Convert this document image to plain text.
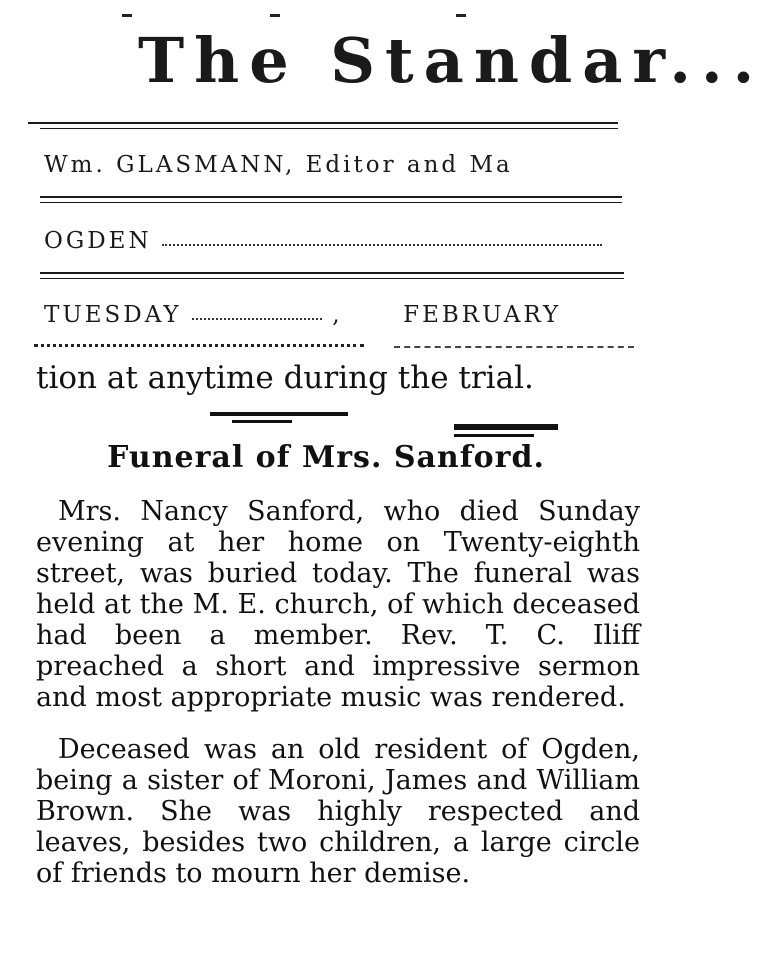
The Standar...
Wm. GLASMANN, Editor and Ma
OGDEN
TUESDAY	,	FEBRUARY
tion at anytime during the trial.
Funeral of Mrs. Sanford.
Mrs. Nancy Sanford, who died Sunday evening at her home on Twenty-eighth street, was buried today. The funeral was held at the M. E. church, of which deceased had been a member. Rev. T. C. Iliff preached a short and impressive sermon and most appropriate music was rendered.
Deceased was an old resident of Ogden, being a sister of Moroni, James and William Brown. She was highly respected and leaves, besides two children, a large circle of friends to mourn her demise.
